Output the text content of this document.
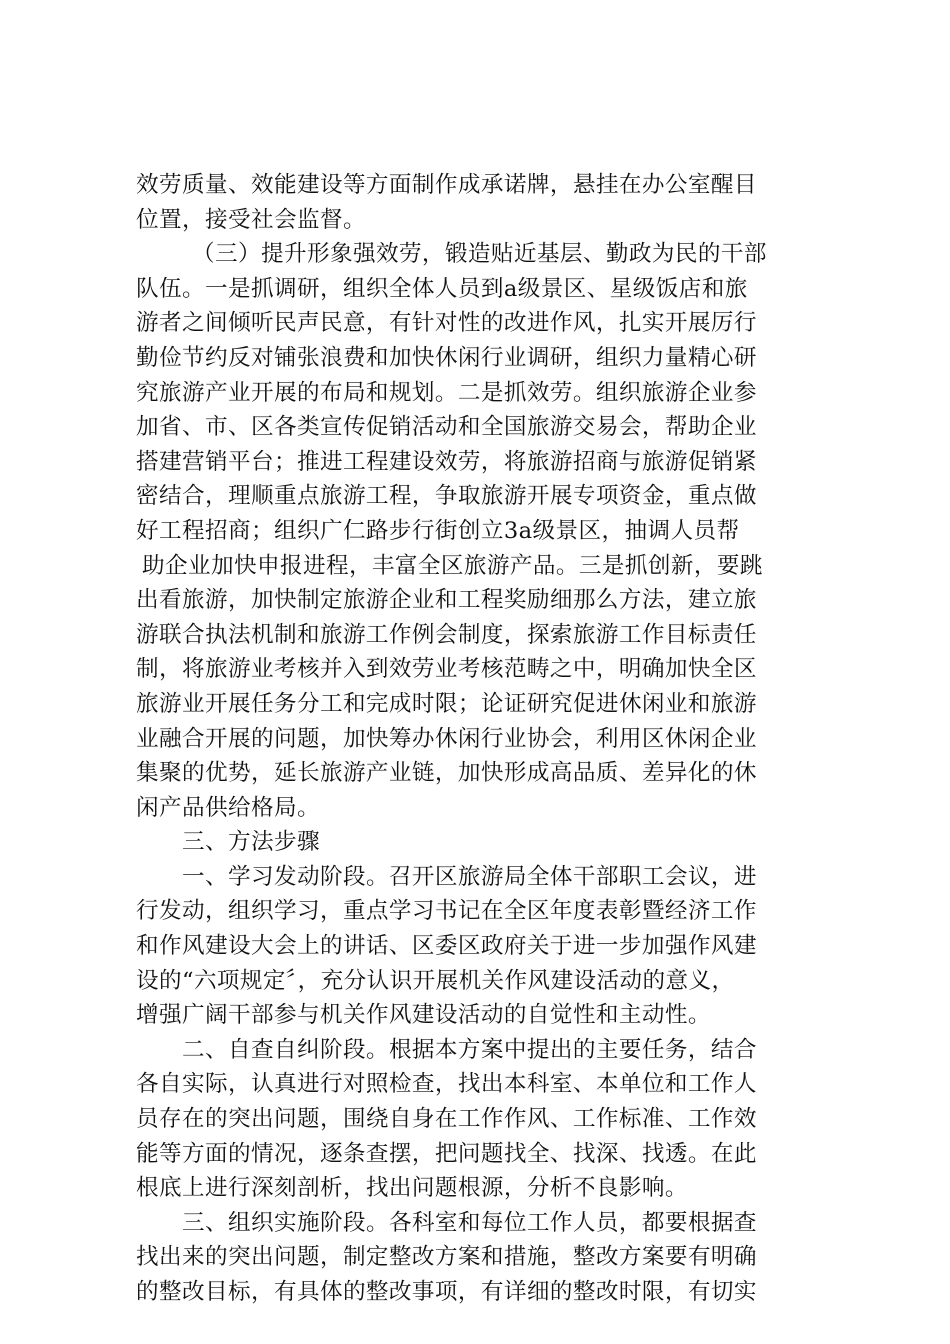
效劳质量、效能建设等方面制作成承诺牌，悬挂在办公室醒目
位置，接受社会监督。
（三）提升形象强效劳，锻造贴近基层、勤政为民的干部
队伍。一是抓调研，组织全体人员到a级景区、星级饭店和旅
游者之间倾听民声民意，有针对性的改进作风，扎实开展厉行
勤俭节约反对铺张浪费和加快休闲行业调研，组织力量精心研
究旅游产业开展的布局和规划。二是抓效劳。组织旅游企业参
加省、市、区各类宣传促销活动和全国旅游交易会，帮助企业
搭建营销平台；推进工程建设效劳，将旅游招商与旅游促销紧
密结合，理顺重点旅游工程，争取旅游开展专项资金，重点做
好工程招商；组织广仁路步行街创立3a级景区，抽调人员帮
助企业加快申报进程，丰富全区旅游产品。三是抓创新，要跳
出看旅游，加快制定旅游企业和工程奖励细那么方法，建立旅
游联合执法机制和旅游工作例会制度，探索旅游工作目标责任
制，将旅游业考核并入到效劳业考核范畴之中，明确加快全区
旅游业开展任务分工和完成时限；论证研究促进休闲业和旅游
业融合开展的问题，加快筹办休闲行业协会，利用区休闲企业
集聚的优势，延长旅游产业链，加快形成高品质、差异化的休
闲产品供给格局。
三、方法步骤
一、学习发动阶段。召开区旅游局全体干部职工会议，进
行发动，组织学习，重点学习书记在全区年度表彰暨经济工作
和作风建设大会上的讲话、区委区政府关于进一步加强作风建
设的“六项规定〞，充分认识开展机关作风建设活动的意义，
增强广阔干部参与机关作风建设活动的自觉性和主动性。
二、自查自纠阶段。根据本方案中提出的主要任务，结合
各自实际，认真进行对照检查，找出本科室、本单位和工作人
员存在的突出问题，围绕自身在工作作风、工作标准、工作效
能等方面的情况，逐条查摆，把问题找全、找深、找透。在此
根底上进行深刻剖析，找出问题根源，分析不良影响。
三、组织实施阶段。各科室和每位工作人员，都要根据查
找出来的突出问题，制定整改方案和措施，整改方案要有明确
的整改目标，有具体的整改事项，有详细的整改时限，有切实
